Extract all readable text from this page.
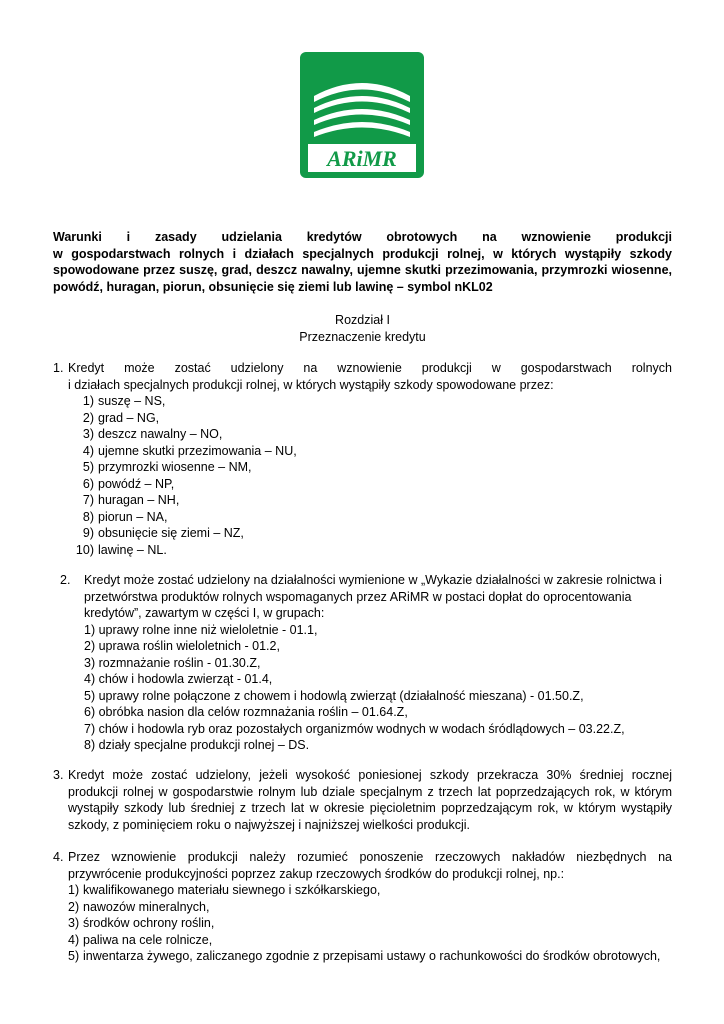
ARiMR
Warunki i zasady udzielania kredytów obrotowych na wznowienie produkcji
w gospodarstwach rolnych i działach specjalnych produkcji rolnej, w których wystąpiły szkody spowodowane przez suszę, grad, deszcz nawalny, ujemne skutki przezimowania, przymrozki wiosenne, powódź, huragan, piorun, obsunięcie się ziemi lub lawinę – symbol nKL02
Rozdział I
Przeznaczenie kredytu
1. Kredyt może zostać udzielony na wznowienie produkcji w gospodarstwach rolnych
i działach specjalnych produkcji rolnej, w których wystąpiły szkody spowodowane przez:
1) suszę – NS,
2) grad – NG,
3) deszcz nawalny – NO,
4) ujemne skutki przezimowania – NU,
5) przymrozki wiosenne – NM,
6) powódź – NP,
7) huragan – NH,
8) piorun – NA,
9) obsunięcie się ziemi – NZ,
10) lawinę – NL.
2. Kredyt może zostać udzielony na działalności wymienione w „Wykazie działalności w zakresie rolnictwa i
przetwórstwa produktów rolnych wspomaganych przez ARiMR w postaci dopłat do oprocentowania
kredytów”, zawartym w części I, w grupach:
1) uprawy rolne inne niż wieloletnie - 01.1,
2) uprawa roślin wieloletnich - 01.2,
3) rozmnażanie roślin - 01.30.Z,
4) chów i hodowla zwierząt - 01.4,
5) uprawy rolne połączone z chowem i hodowlą zwierząt (działalność mieszana) - 01.50.Z,
6) obróbka nasion dla celów rozmnażania roślin – 01.64.Z,
7) chów i hodowla ryb oraz pozostałych organizmów wodnych w wodach śródlądowych – 03.22.Z,
8) działy specjalne produkcji rolnej – DS.
3. Kredyt może zostać udzielony, jeżeli wysokość poniesionej szkody przekracza 30% średniej rocznej produkcji rolnej w gospodarstwie rolnym lub dziale specjalnym z trzech lat poprzedzających rok, w którym wystąpiły szkody lub średniej z trzech lat w okresie pięcioletnim poprzedzającym rok, w którym wystąpiły szkody, z pominięciem roku o najwyższej i najniższej wielkości produkcji.
4. Przez wznowienie produkcji należy rozumieć ponoszenie rzeczowych nakładów niezbędnych na przywrócenie produkcyjności poprzez zakup rzeczowych środków do produkcji rolnej, np.:
1) kwalifikowanego materiału siewnego i szkółkarskiego,
2) nawozów mineralnych,
3) środków ochrony roślin,
4) paliwa na cele rolnicze,
5) inwentarza żywego, zaliczanego zgodnie z przepisami ustawy o rachunkowości do środków obrotowych,
